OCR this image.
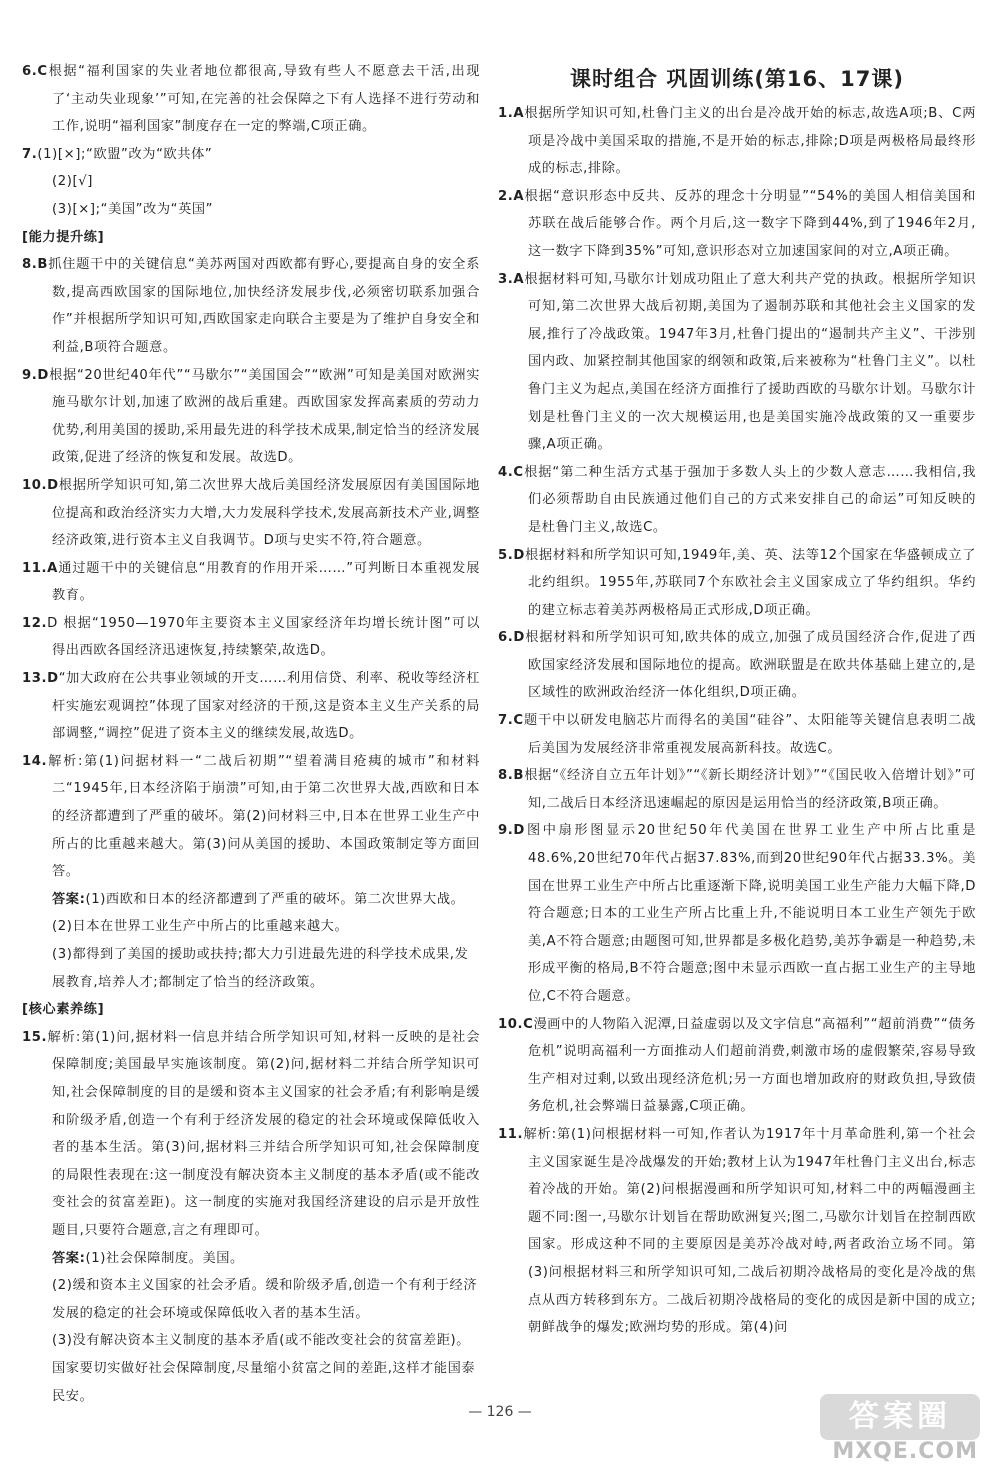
6.C根据“福利国家的失业者地位都很高,导致有些人不愿意去干活,出现了‘主动失业现象’”可知,在完善的社会保障之下有人选择不进行劳动和工作,说明“福利国家”制度存在一定的弊端,C项正确。

7.(1)[×];“欧盟”改为“欧共体”

(2)[√]

(3)[×];“美国”改为“英国”

[能力提升练]

8.B抓住题干中的关键信息“美苏两国对西欧都有野心,要提高自身的安全系数,提高西欧国家的国际地位,加快经济发展步伐,必须密切联系加强合作”并根据所学知识可知,西欧国家走向联合主要是为了维护自身安全和利益,B项符合题意。

9.D根据“20世纪40年代”“马歇尔”“美国国会”“欧洲”可知是美国对欧洲实施马歇尔计划,加速了欧洲的战后重建。西欧国家发挥高素质的劳动力优势,利用美国的援助,采用最先进的科学技术成果,制定恰当的经济发展政策,促进了经济的恢复和发展。故选D。

10.D根据所学知识可知,第二次世界大战后美国经济发展原因有美国国际地位提高和政治经济实力大增,大力发展科学技术,发展高新技术产业,调整经济政策,进行资本主义自我调节。D项与史实不符,符合题意。

11.A通过题干中的关键信息“用教育的作用开采……”可判断日本重视发展教育。

12.D 根据“1950—1970年主要资本主义国家经济年均增长统计图”可以得出西欧各国经济迅速恢复,持续繁荣,故选D。

13.D“加大政府在公共事业领域的开支……利用信贷、利率、税收等经济杠杆实施宏观调控”体现了国家对经济的干预,这是资本主义生产关系的局部调整,“调控”促进了资本主义的继续发展,故选D。

14.解析:第(1)问据材料一“二战后初期”“望着满目疮痍的城市”和材料二“1945年,日本经济陷于崩溃”可知,由于第二次世界大战,西欧和日本的经济都遭到了严重的破坏。第(2)问材料三中,日本在世界工业生产中所占的比重越来越大。第(3)问从美国的援助、本国政策制定等方面回答。

答案:(1)西欧和日本的经济都遭到了严重的破坏。第二次世界大战。

(2)日本在世界工业生产中所占的比重越来越大。

(3)都得到了美国的援助或扶持;都大力引进最先进的科学技术成果,发展教育,培养人才;都制定了恰当的经济政策。

[核心素养练]

15.解析:第(1)问,据材料一信息并结合所学知识可知,材料一反映的是社会保障制度;美国最早实施该制度。第(2)问,据材料二并结合所学知识可知,社会保障制度的目的是缓和资本主义国家的社会矛盾;有利影响是缓和阶级矛盾,创造一个有利于经济发展的稳定的社会环境或保障低收入者的基本生活。第(3)问,据材料三并结合所学知识可知,社会保障制度的局限性表现在:这一制度没有解决资本主义制度的基本矛盾(或不能改变社会的贫富差距)。这一制度的实施对我国经济建设的启示是开放性题目,只要符合题意,言之有理即可。

答案:(1)社会保障制度。美国。

(2)缓和资本主义国家的社会矛盾。缓和阶级矛盾,创造一个有利于经济发展的稳定的社会环境或保障低收入者的基本生活。

(3)没有解决资本主义制度的基本矛盾(或不能改变社会的贫富差距)。国家要切实做好社会保障制度,尽量缩小贫富之间的差距,这样才能国泰民安。

课时组合 巩固训练(第16、17课)

1.A根据所学知识可知,杜鲁门主义的出台是冷战开始的标志,故选A项;B、C两项是冷战中美国采取的措施,不是开始的标志,排除;D项是两极格局最终形成的标志,排除。

2.A根据“意识形态中反共、反苏的理念十分明显”“54%的美国人相信美国和苏联在战后能够合作。两个月后,这一数字下降到44%,到了1946年2月,这一数字下降到35%”可知,意识形态对立加速国家间的对立,A项正确。

3.A根据材料可知,马歇尔计划成功阻止了意大利共产党的执政。根据所学知识可知,第二次世界大战后初期,美国为了遏制苏联和其他社会主义国家的发展,推行了冷战政策。1947年3月,杜鲁门提出的“遏制共产主义”、干涉别国内政、加紧控制其他国家的纲领和政策,后来被称为“杜鲁门主义”。以杜鲁门主义为起点,美国在经济方面推行了援助西欧的马歇尔计划。马歇尔计划是杜鲁门主义的一次大规模运用,也是美国实施冷战政策的又一重要步骤,A项正确。

4.C根据“第二种生活方式基于强加于多数人头上的少数人意志……我相信,我们必须帮助自由民族通过他们自己的方式来安排自己的命运”可知反映的是杜鲁门主义,故选C。

5.D根据材料和所学知识可知,1949年,美、英、法等12个国家在华盛顿成立了北约组织。1955年,苏联同7个东欧社会主义国家成立了华约组织。华约的建立标志着美苏两极格局正式形成,D项正确。

6.D根据材料和所学知识可知,欧共体的成立,加强了成员国经济合作,促进了西欧国家经济发展和国际地位的提高。欧洲联盟是在欧共体基础上建立的,是区域性的欧洲政治经济一体化组织,D项正确。

7.C题干中以研发电脑芯片而得名的美国“硅谷”、太阳能等关键信息表明二战后美国为发展经济非常重视发展高新科技。故选C。

8.B根据“《经济自立五年计划》”“《新长期经济计划》”“《国民收入倍增计划》”可知,二战后日本经济迅速崛起的原因是运用恰当的经济政策,B项正确。

9.D图中扇形图显示20世纪50年代美国在世界工业生产中所占比重是48.6%,20世纪70年代占据37.83%,而到20世纪90年代占据33.3%。美国在世界工业生产中所占比重逐渐下降,说明美国工业生产能力大幅下降,D符合题意;日本的工业生产所占比重上升,不能说明日本工业生产领先于欧美,A不符合题意;由题图可知,世界都是多极化趋势,美苏争霸是一种趋势,未形成平衡的格局,B不符合题意;图中未显示西欧一直占据工业生产的主导地位,C不符合题意。

10.C漫画中的人物陷入泥潭,日益虚弱以及文字信息“高福利”“超前消费”“债务危机”说明高福利一方面推动人们超前消费,刺激市场的虚假繁荣,容易导致生产相对过剩,以致出现经济危机;另一方面也增加政府的财政负担,导致债务危机,社会弊端日益暴露,C项正确。

11.解析:第(1)问根据材料一可知,作者认为1917年十月革命胜利,第一个社会主义国家诞生是冷战爆发的开始;教材上认为1947年杜鲁门主义出台,标志着冷战的开始。第(2)问根据漫画和所学知识可知,材料二中的两幅漫画主题不同:图一,马歇尔计划旨在帮助欧洲复兴;图二,马歇尔计划旨在控制西欧国家。形成这种不同的主要原因是美苏冷战对峙,两者政治立场不同。第(3)问根据材料三和所学知识可知,二战后初期冷战格局的变化是冷战的焦点从西方转移到东方。二战后初期冷战格局的变化的成因是新中国的成立;朝鲜战争的爆发;欧洲均势的形成。第(4)问

— 126 —	答案圈
MXQE.COM
